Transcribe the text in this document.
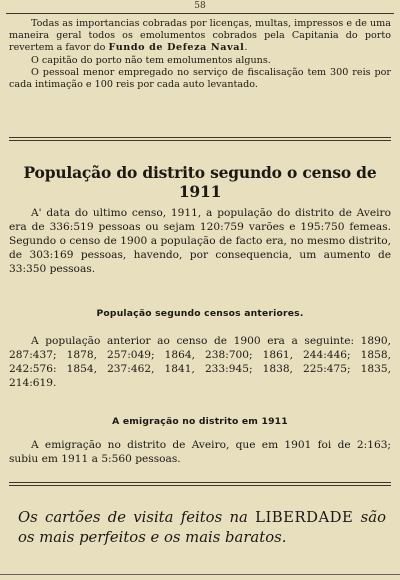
58

Todas as importancias cobradas por licenças, multas, impressos e de uma maneira geral todos os emolumentos cobrados pela Capitania do porto revertem a favor do Fundo de Defeza Naval.

O capitão do porto não tem emolumentos alguns.

O pessoal menor empregado no serviço de fiscalisação tem 300 reis por cada intimação e 100 reis por cada auto levantado.

População do distrito segundo o censo de 1911

A' data do ultimo censo, 1911, a população do distrito de Aveiro era de 336:519 pessoas ou sejam 120:759 varões e 195:750 femeas. Segundo o censo de 1900 a população de facto era, no mesmo distrito, de 303:169 pessoas, havendo, por consequencia, um aumento de 33:350 pessoas.

População segundo censos anteriores.

A população anterior ao censo de 1900 era a seguinte: 1890, 287:437; 1878, 257:049; 1864, 238:700; 1861, 244:446; 1858, 242:576: 1854, 237:462, 1841, 233:945; 1838, 225:475; 1835, 214:619.

A emigração no distrito em 1911

A emigração no distrito de Aveiro, que em 1901 foi de 2:163; subiu em 1911 a 5:560 pessoas.

Os cartões de visita feitos na LIBERDADE são os mais perfeitos e os mais baratos.
